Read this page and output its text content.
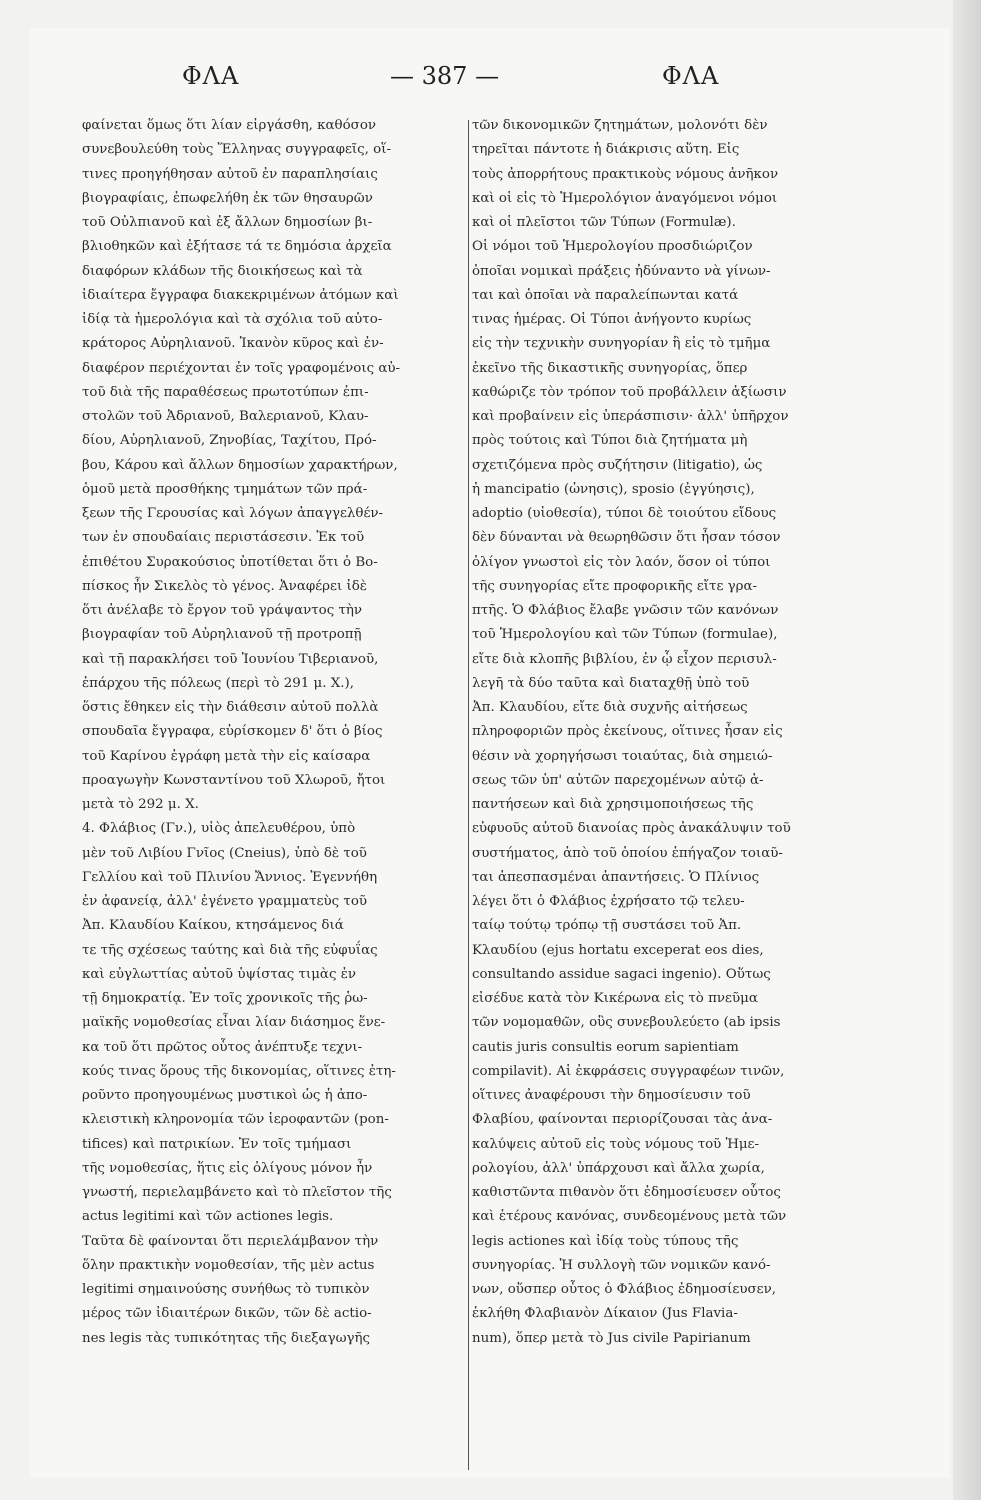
ΦΛΑ	— 387 —	ΦΛΑ
φαίνεται ὅμως ὅτι λίαν εἰργάσθη, καθόσον
συνεβουλεύθη τοὺς Ἕλληνας συγγραφεῖς, οἵ-
τινες προηγήθησαν αὐτοῦ ἐν παραπλησίαις
βιογραφίαις, ἐπωφελήθη ἐκ τῶν θησαυρῶν
τοῦ Οὐλπιανοῦ καὶ ἐξ ἄλλων δημοσίων βι-
βλιοθηκῶν καὶ ἐξήτασε τά τε δημόσια ἀρχεῖα
διαφόρων κλάδων τῆς διοικήσεως καὶ τὰ
ἰδιαίτερα ἔγγραφα διακεκριμένων ἀτόμων καὶ
ἰδίᾳ τὰ ἡμερολόγια καὶ τὰ σχόλια τοῦ αὐτο-
κράτορος Αὐρηλιανοῦ. Ἱκανὸν κῦρος καὶ ἐν-
διαφέρον περιέχονται ἐν τοῖς γραφομένοις αὐ-
τοῦ διὰ τῆς παραθέσεως πρωτοτύπων ἐπι-
στολῶν τοῦ Ἀδριανοῦ, Βαλεριανοῦ, Κλαυ-
δίου, Αὐρηλιανοῦ, Ζηνοβίας, Ταχίτου, Πρό-
βου, Κάρου καὶ ἄλλων δημοσίων χαρακτήρων,
ὁμοῦ μετὰ προσθήκης τμημάτων τῶν πρά-
ξεων τῆς Γερουσίας καὶ λόγων ἀπαγγελθέν-
των ἐν σπουδαίαις περιστάσεσιν. Ἐκ τοῦ
ἐπιθέτου Συρακούσιος ὑποτίθεται ὅτι ὁ Βο-
πίσκος ἦν Σικελὸς τὸ γένος. Ἀναφέρει ἰδὲ
ὅτι ἀνέλαβε τὸ ἔργον τοῦ γράψαντος τὴν
βιογραφίαν τοῦ Αὐρηλιανοῦ τῇ προτροπῇ
καὶ τῇ παρακλήσει τοῦ Ἰουνίου Τιβεριανοῦ,
ἐπάρχου τῆς πόλεως (περὶ τὸ 291 μ. Χ.),
ὅστις ἔθηκεν εἰς τὴν διάθεσιν αὐτοῦ πολλὰ
σπουδαῖα ἔγγραφα, εὑρίσκομεν δ' ὅτι ὁ βίος
τοῦ Καρίνου ἐγράφη μετὰ τὴν εἰς καίσαρα
προαγωγὴν Κωνσταντίνου τοῦ Χλωροῦ, ἤτοι
μετὰ τὸ 292 μ. Χ.
4. Φλάβιος (Γν.), υἱὸς ἀπελευθέρου, ὑπὸ
μὲν τοῦ Λιβίου Γνῖος (Cneius), ὑπὸ δὲ τοῦ
Γελλίου καὶ τοῦ Πλινίου Ἄννιος. Ἐγεννήθη
ἐν ἀφανείᾳ, ἀλλ' ἐγένετο γραμματεὺς τοῦ
Ἀπ. Κλαυδίου Καίκου, κτησάμενος διά
τε τῆς σχέσεως ταύτης καὶ διὰ τῆς εὐφυΐας
καὶ εὐγλωττίας αὐτοῦ ὑψίστας τιμὰς ἐν
τῇ δημοκρατίᾳ. Ἐν τοῖς χρονικοῖς τῆς ῥω-
μαϊκῆς νομοθεσίας εἶναι λίαν διάσημος ἕνε-
κα τοῦ ὅτι πρῶτος οὗτος ἀνέπτυξε τεχνι-
κούς τινας ὅρους τῆς δικονομίας, οἵτινες ἐτη-
ροῦντο προηγουμένως μυστικοὶ ὡς ἡ ἀπο-
κλειστικὴ κληρονομία τῶν ἱεροφαντῶν (pon-
tifices) καὶ πατρικίων. Ἐν τοῖς τμήμασι
τῆς νομοθεσίας, ἥτις εἰς ὀλίγους μόνον ἦν
γνωστή, περιελαμβάνετο καὶ τὸ πλεῖστον τῆς
actus legitimi καὶ τῶν actiones legis.
Ταῦτα δὲ φαίνονται ὅτι περιελάμβανον τὴν
ὅλην πρακτικὴν νομοθεσίαν, τῆς μὲν actus
legitimi σημαινούσης συνήθως τὸ τυπικὸν
μέρος τῶν ἰδιαιτέρων δικῶν, τῶν δὲ actio-
nes legis τὰς τυπικότητας τῆς διεξαγωγῆς
τῶν δικονομικῶν ζητημάτων, μολονότι δὲν
τηρεῖται πάντοτε ἡ διάκρισις αὕτη. Εἰς
τοὺς ἀπορρήτους πρακτικοὺς νόμους ἀνῆκον
καὶ οἱ εἰς τὸ Ἡμερολόγιον ἀναγόμενοι νόμοι
καὶ οἱ πλεῖστοι τῶν Τύπων (Formulæ).
Οἱ νόμοι τοῦ Ἡμερολογίου προσδιώριζον
ὁποῖαι νομικαὶ πράξεις ἠδύναντο νὰ γίνων-
ται καὶ ὁποῖαι νὰ παραλείπωνται κατά
τινας ἡμέρας. Οἱ Τύποι ἀνήγοντο κυρίως
εἰς τὴν τεχνικὴν συνηγορίαν ἢ εἰς τὸ τμῆμα
ἐκεῖνο τῆς δικαστικῆς συνηγορίας, ὅπερ
καθώριζε τὸν τρόπον τοῦ προβάλλειν ἀξίωσιν
καὶ προβαίνειν εἰς ὑπεράσπισιν· ἀλλ' ὑπῆρχον
πρὸς τούτοις καὶ Τύποι διὰ ζητήματα μὴ
σχετιζόμενα πρὸς συζήτησιν (litigatio), ὡς
ἡ mancipatio (ὠνησις), sposio (ἐγγύησις),
adoptio (υἱοθεσία), τύποι δὲ τοιούτου εἴδους
δὲν δύνανται νὰ θεωρηθῶσιν ὅτι ἦσαν τόσον
ὀλίγον γνωστοὶ εἰς τὸν λαόν, ὅσον οἱ τύποι
τῆς συνηγορίας εἴτε προφορικῆς εἴτε γρα-
πτῆς. Ὁ Φλάβιος ἔλαβε γνῶσιν τῶν κανόνων
τοῦ Ἡμερολογίου καὶ τῶν Τύπων (formulae),
εἴτε διὰ κλοπῆς βιβλίου, ἐν ᾧ εἶχον περισυλ-
λεγῆ τὰ δύο ταῦτα καὶ διαταχθῇ ὑπὸ τοῦ
Ἀπ. Κλαυδίου, εἴτε διὰ συχνῆς αἰτήσεως
πληροφοριῶν πρὸς ἐκείνους, οἵτινες ἦσαν εἰς
θέσιν νὰ χορηγήσωσι τοιαύτας, διὰ σημειώ-
σεως τῶν ὑπ' αὐτῶν παρεχομένων αὐτῷ ἀ-
παντήσεων καὶ διὰ χρησιμοποιήσεως τῆς
εὐφυοῦς αὐτοῦ διανοίας πρὸς ἀνακάλυψιν τοῦ
συστήματος, ἀπὸ τοῦ ὁποίου ἐπήγαζον τοιαῦ-
ται ἀπεσπασμέναι ἀπαντήσεις. Ὁ Πλίνιος
λέγει ὅτι ὁ Φλάβιος ἐχρήσατο τῷ τελευ-
ταίῳ τούτῳ τρόπῳ τῇ συστάσει τοῦ Ἀπ.
Κλαυδίου (ejus hortatu exceperat eos dies,
consultando assidue sagaci ingenio). Οὕτως
εἰσέδυε κατὰ τὸν Κικέρωνα εἰς τὸ πνεῦμα
τῶν νομομαθῶν, οὓς συνεβουλεύετο (ab ipsis
cautis juris consultis eorum sapientiam
compilavit). Αἱ ἐκφράσεις συγγραφέων τινῶν,
οἵτινες ἀναφέρουσι τὴν δημοσίευσιν τοῦ
Φλαβίου, φαίνονται περιορίζουσαι τὰς ἀνα-
καλύψεις αὐτοῦ εἰς τοὺς νόμους τοῦ Ἡμε-
ρολογίου, ἀλλ' ὑπάρχουσι καὶ ἄλλα χωρία,
καθιστῶντα πιθανὸν ὅτι ἐδημοσίευσεν οὗτος
καὶ ἑτέρους κανόνας, συνδεομένους μετὰ τῶν
legis actiones καὶ ἰδίᾳ τοὺς τύπους τῆς
συνηγορίας. Ἡ συλλογὴ τῶν νομικῶν κανό-
νων, οὕσπερ οὗτος ὁ Φλάβιος ἐδημοσίευσεν,
ἐκλήθη Φλαβιανὸν Δίκαιον (Jus Flavia-
num), ὅπερ μετὰ τὸ Jus civile Papirianum
